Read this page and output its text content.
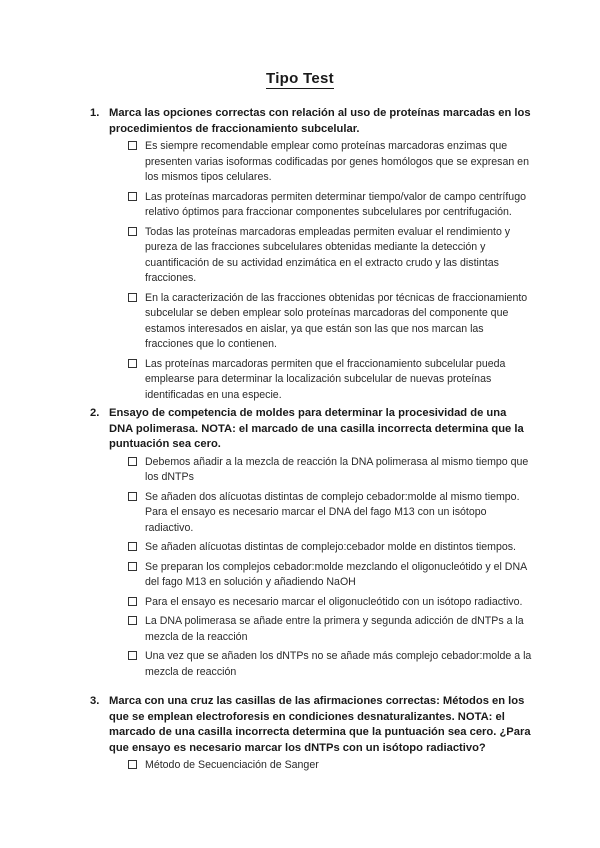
Tipo Test
1. Marca las opciones correctas con relación al uso de proteínas marcadas en los procedimientos de fraccionamiento subcelular.
Es siempre recomendable emplear como proteínas marcadoras enzimas que presenten varias isoformas codificadas por genes homólogos que se expresan en los mismos tipos celulares.
Las proteínas marcadoras permiten determinar tiempo/valor de campo centrífugo relativo óptimos para fraccionar componentes subcelulares por centrifugación.
Todas las proteínas marcadoras empleadas permiten evaluar el rendimiento y pureza de las fracciones subcelulares obtenidas mediante la detección y cuantificación de su actividad enzimática en el extracto crudo y las distintas fracciones.
En la caracterización de las fracciones obtenidas por técnicas de fraccionamiento subcelular se deben emplear solo proteínas marcadoras del componente que estamos interesados en aislar, ya que están son las que nos marcan las fracciones que lo contienen.
Las proteínas marcadoras permiten que el fraccionamiento subcelular pueda emplearse para determinar la localización subcelular de nuevas proteínas identificadas en una especie.
2. Ensayo de competencia de moldes para determinar la procesividad de una DNA polimerasa. NOTA: el marcado de una casilla incorrecta determina que la puntuación sea cero.
Debemos añadir a la mezcla de reacción la DNA polimerasa al mismo tiempo que los dNTPs
Se añaden dos alícuotas distintas de complejo cebador:molde al mismo tiempo. Para el ensayo es necesario marcar el DNA del fago M13 con un isótopo radiactivo.
Se añaden alícuotas distintas de complejo:cebador molde en distintos tiempos.
Se preparan los complejos cebador:molde mezclando el oligonucleótido y el DNA del fago M13 en solución y añadiendo NaOH
Para el ensayo es necesario marcar el oligonucleótido con un isótopo radiactivo.
La DNA polimerasa se añade entre la primera y segunda adicción de dNTPs a la mezcla de la reacción
Una vez que se añaden los dNTPs no se añade más complejo cebador:molde a la mezcla de reacción
3. Marca con una cruz las casillas de las afirmaciones correctas: Métodos en los que se emplean electroforesis en condiciones desnaturalizantes. NOTA: el marcado de una casilla incorrecta determina que la puntuación sea cero. ¿Para que ensayo es necesario marcar los dNTPs con un isótopo radiactivo?
Método de Secuenciación de Sanger
